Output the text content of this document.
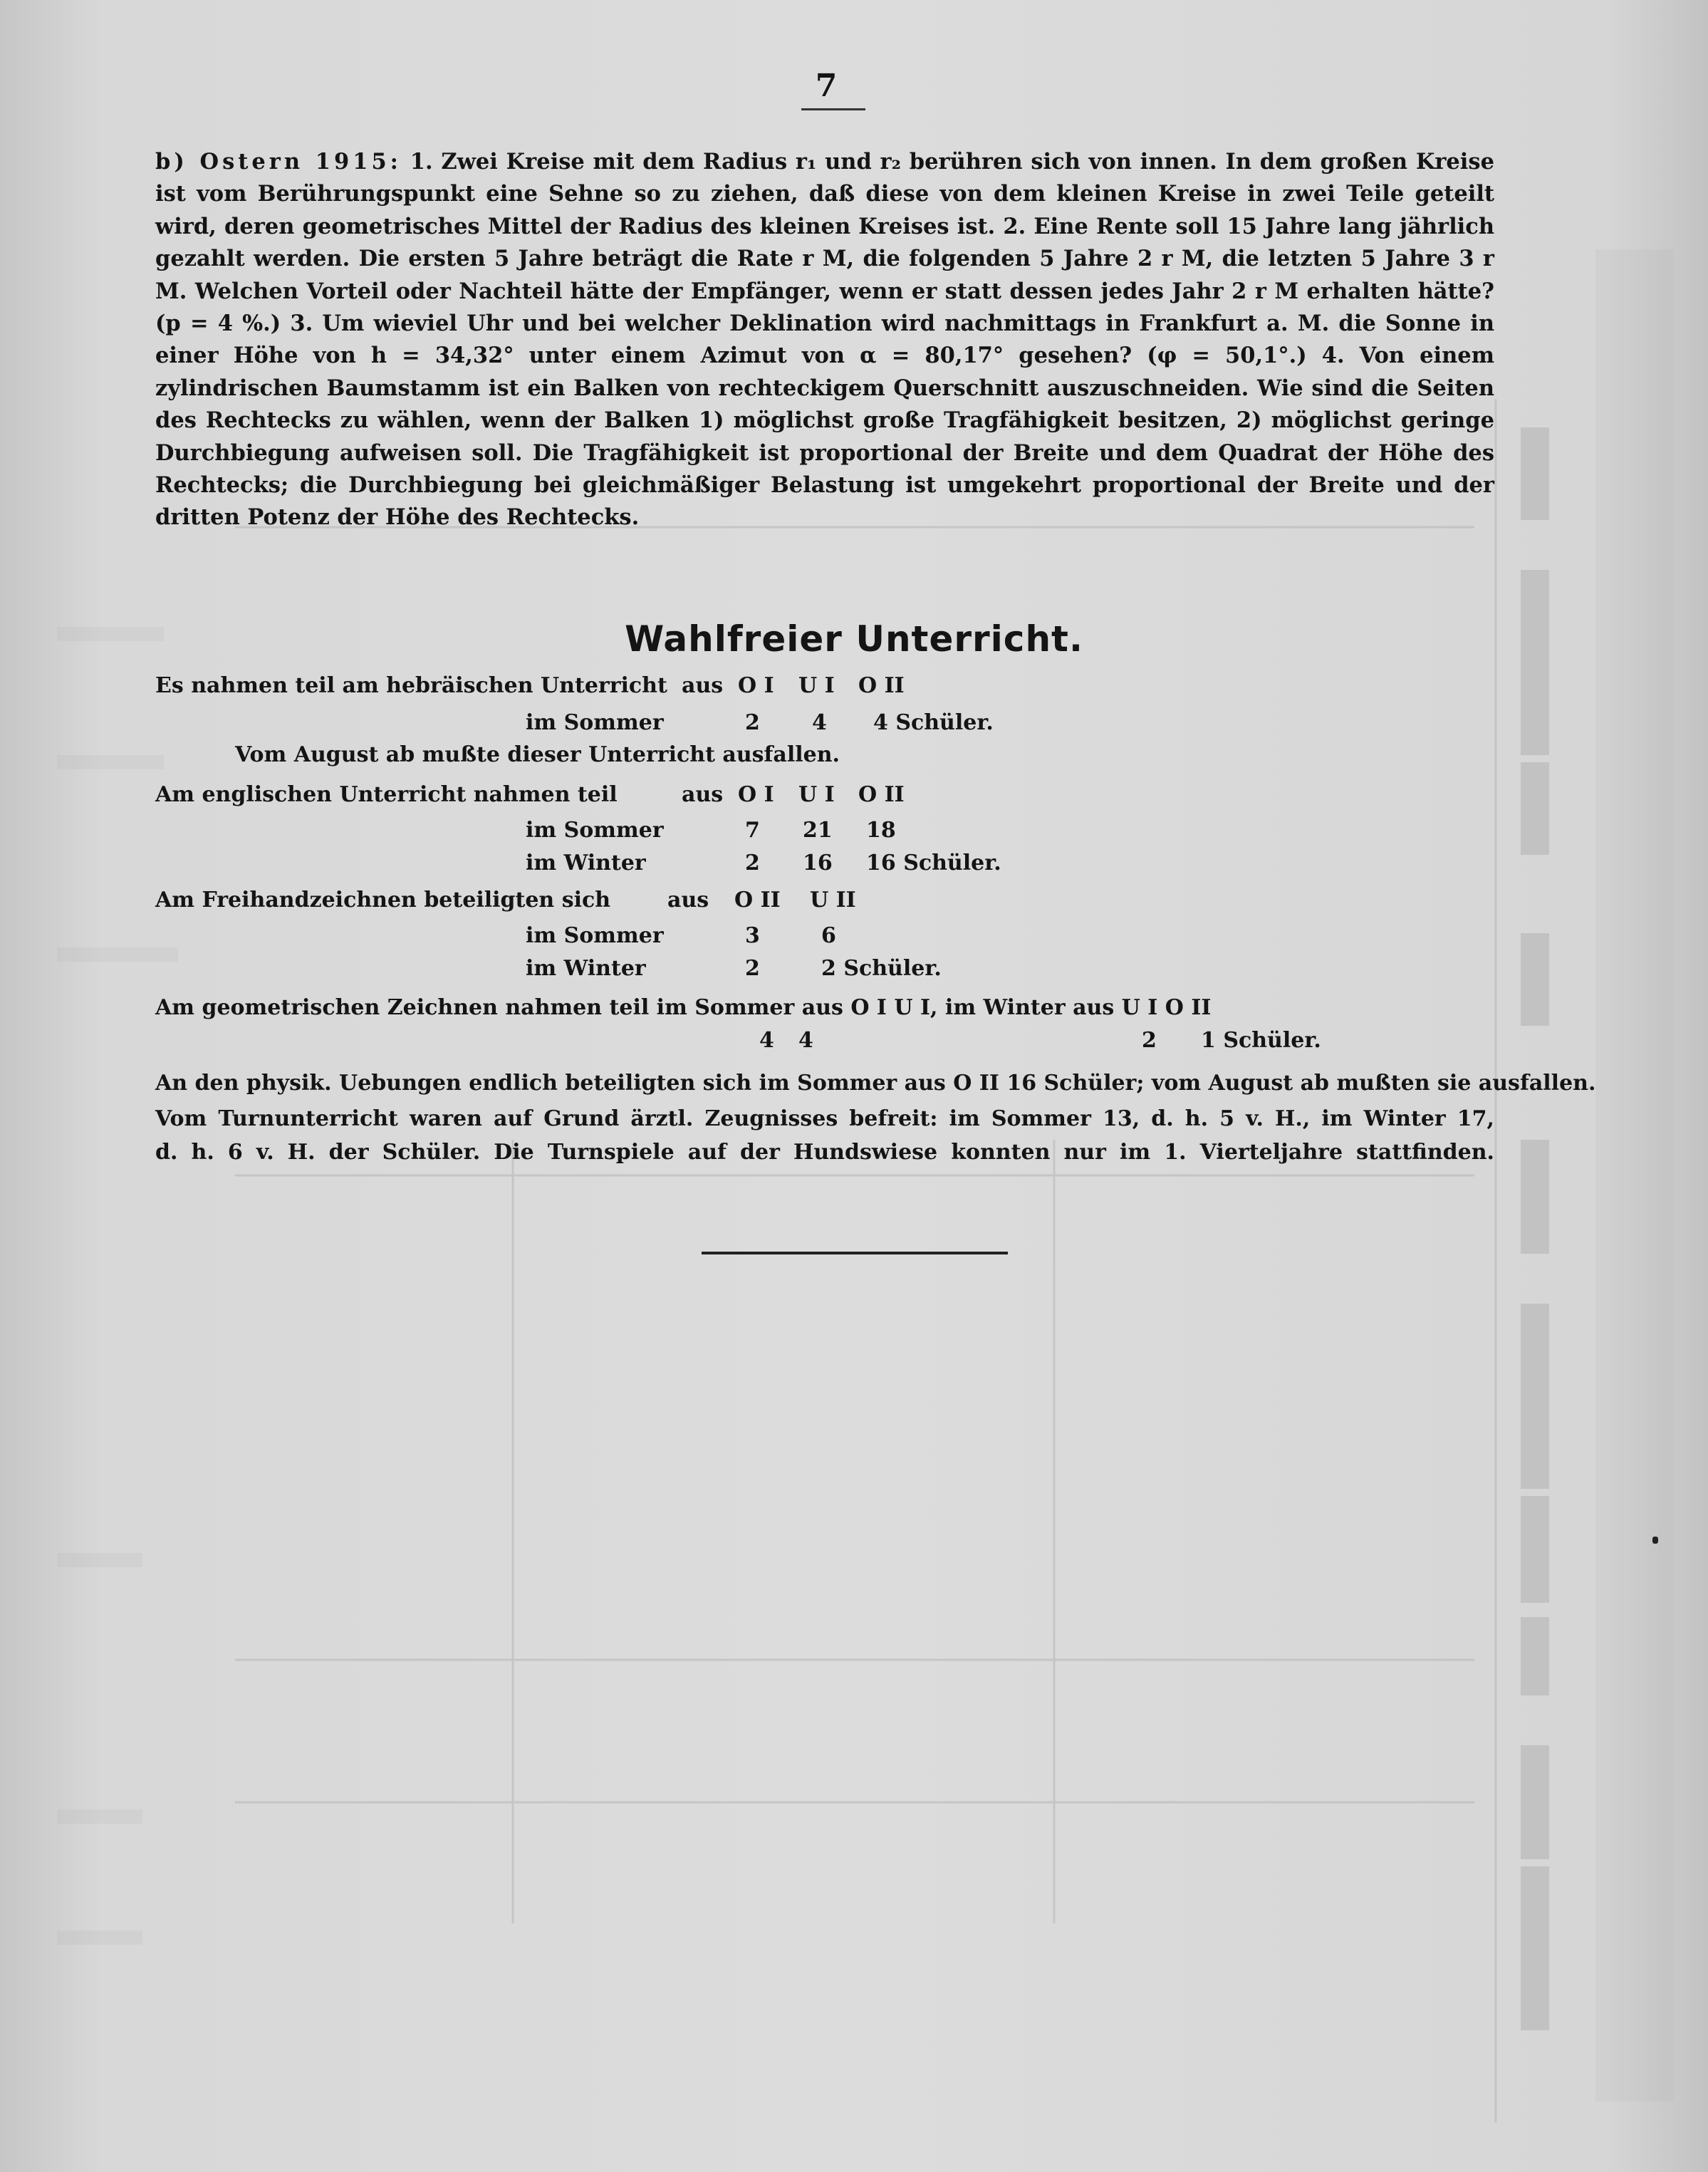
7
b) Ostern 1915: 1. Zwei Kreise mit dem Radius r₁ und r₂ berühren sich von innen. In dem großen Kreise ist vom Berührungspunkt eine Sehne so zu ziehen, daß diese von dem kleinen Kreise in zwei Teile geteilt wird, deren geometrisches Mittel der Radius des kleinen Kreises ist. 2. Eine Rente soll 15 Jahre lang jährlich gezahlt werden. Die ersten 5 Jahre beträgt die Rate r M, die folgenden 5 Jahre 2 r M, die letzten 5 Jahre 3 r M. Welchen Vorteil oder Nachteil hätte der Empfänger, wenn er statt dessen jedes Jahr 2 r M erhalten hätte? (p = 4 %.) 3. Um wieviel Uhr und bei welcher Deklination wird nachmittags in Frankfurt a. M. die Sonne in einer Höhe von h = 34,32° unter einem Azimut von α = 80,17° gesehen? (φ = 50,1°.) 4. Von einem zylindrischen Baumstamm ist ein Balken von rechteckigem Querschnitt auszuschneiden. Wie sind die Seiten des Rechtecks zu wählen, wenn der Balken 1) möglichst große Tragfähigkeit besitzen, 2) möglichst geringe Durchbiegung aufweisen soll. Die Tragfähigkeit ist proportional der Breite und dem Quadrat der Höhe des Rechtecks; die Durchbiegung bei gleichmäßiger Belastung ist umgekehrt proportional der Breite und der dritten Potenz der Höhe des Rechtecks.
Wahlfreier Unterricht.
Es nahmen teil am hebräischen Unterricht aus O I U I O II
im Sommer	2 4 4 Schüler.
Vom August ab mußte dieser Unterricht ausfallen.
Am englischen Unterricht nahmen teil	aus O I U I O II
im Sommer	7 21 18
im Winter	2 16 16 Schüler.
Am Freihandzeichnen beteiligten sich	aus O II U II
im Sommer	3	6
im Winter	2	2 Schüler.
Am geometrischen Zeichnen nahmen teil im Sommer aus O I U I, im Winter aus U I O II
4 4	2 1 Schüler.
An den physik. Uebungen endlich beteiligten sich im Sommer aus O II 16 Schüler; vom August ab mußten sie ausfallen.
Vom Turnunterricht waren auf Grund ärztl. Zeugnisses befreit: im Sommer 13, d. h. 5 v. H., im Winter 17,
d. h. 6 v. H. der Schüler. Die Turnspiele auf der Hundswiese konnten nur im 1. Vierteljahre stattfinden.
